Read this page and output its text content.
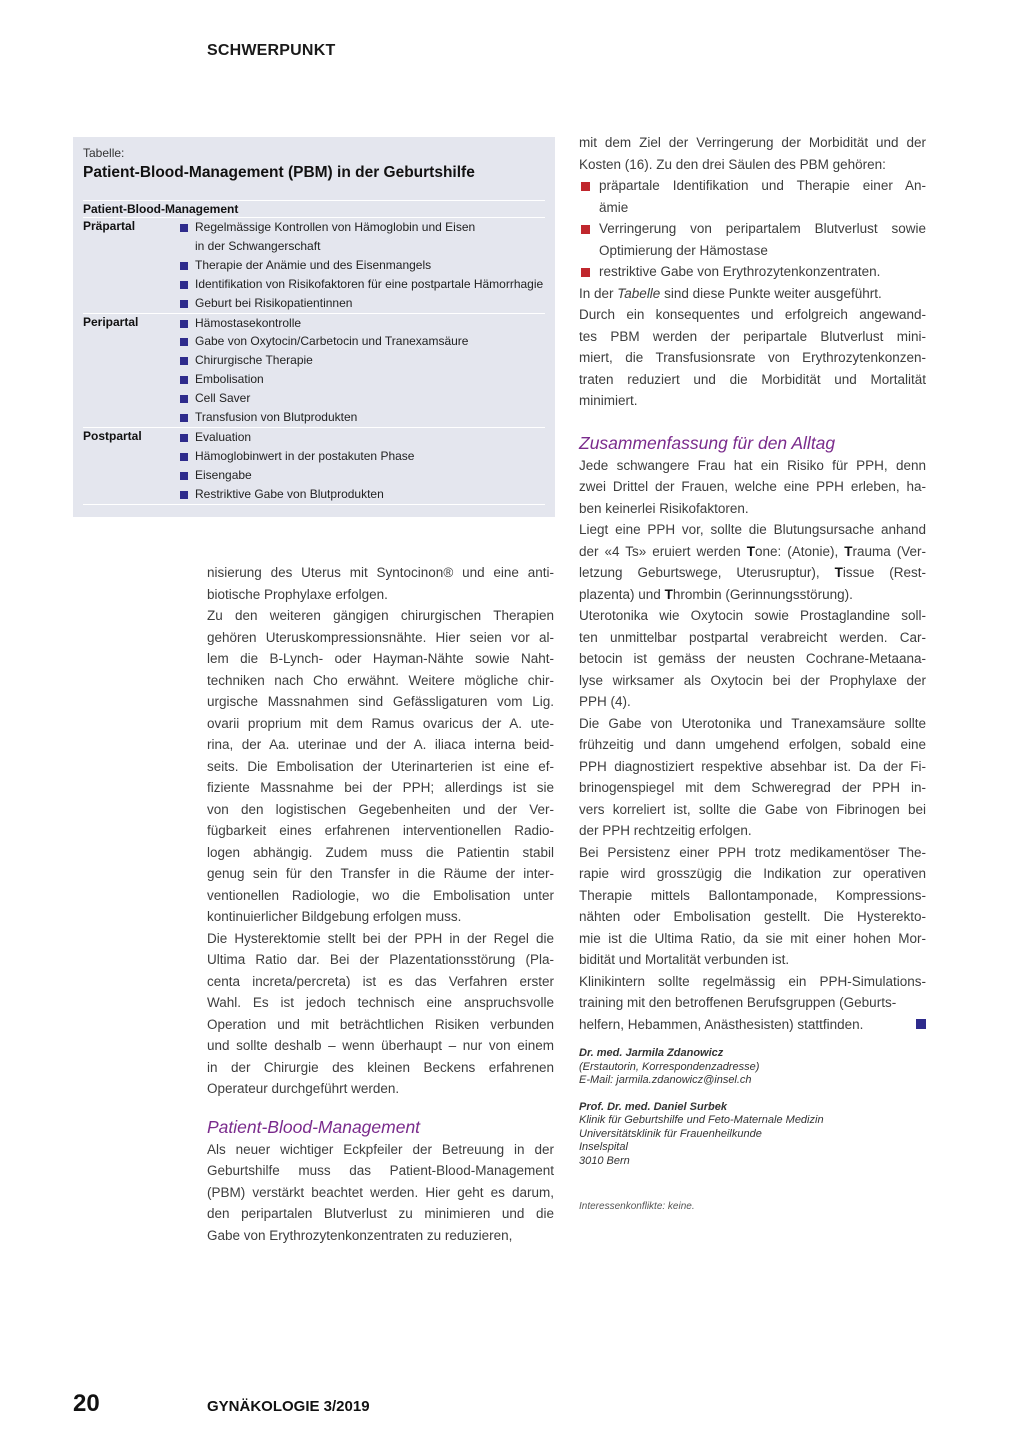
SCHWERPUNKT
Tabelle:
Patient-Blood-Management (PBM) in der Geburtshilfe
Patient-Blood-Management
Präpartal	Regelmässige Kontrollen von Hämoglobin und Eisen in der Schwangerschaft
Therapie der Anämie und des Eisenmangels
Identifikation von Risikofaktoren für eine postpartale Hämorrhagie
Geburt bei Risikopatientinnen
Peripartal	Hämostasekontrolle
Gabe von Oxytocin/Carbetocin und Tranexamsäure
Chirurgische Therapie
Embolisation
Cell Saver
Transfusion von Blutprodukten
Postpartal	Evaluation
Hämoglobinwert in der postakuten Phase
Eisengabe
Restriktive Gabe von Blutprodukten

nisierung des Uterus mit Syntocinon® und eine anti-

biotische Prophylaxe erfolgen.

Zu den weiteren gängigen chirurgischen Therapien

gehören Uteruskompressionsnähte. Hier seien vor al-

lem die B-Lynch- oder Hayman-Nähte sowie Naht-

techniken nach Cho erwähnt. Weitere mögliche chir-

urgische Massnahmen sind Gefässligaturen vom Lig.

ovarii proprium mit dem Ramus ovaricus der A. ute-

rina, der Aa. uterinae und der A. iliaca interna beid-

seits. Die Embolisation der Uterinarterien ist eine ef-

fiziente Massnahme bei der PPH; allerdings ist sie

von den logistischen Gegebenheiten und der Ver-

fügbarkeit eines erfahrenen interventionellen Radio-

logen abhängig. Zudem muss die Patientin stabil

genug sein für den Transfer in die Räume der inter-

ventionellen Radiologie, wo die Embolisation unter

kontinuierlicher Bildgebung erfolgen muss.

Die Hysterektomie stellt bei der PPH in der Regel die

Ultima Ratio dar. Bei der Plazentationsstörung (Pla-

centa increta/percreta) ist es das Verfahren erster

Wahl. Es ist jedoch technisch eine anspruchsvolle

Operation und mit beträchtlichen Risiken verbunden

und sollte deshalb – wenn überhaupt – nur von einem

in der Chirurgie des kleinen Beckens erfahrenen

Operateur durchgeführt werden.

Patient-Blood-Management

Als neuer wichtiger Eckpfeiler der Betreuung in der

Geburtshilfe muss das Patient-Blood-Management

(PBM) verstärkt beachtet werden. Hier geht es darum,

den peripartalen Blutverlust zu minimieren und die

Gabe von Erythrozytenkonzentraten zu reduzieren,

mit dem Ziel der Verringerung der Morbidität und der

Kosten (16). Zu den drei Säulen des PBM gehören:

präpartale Identifikation und Therapie einer An-

ämie

Verringerung von peripartalem Blutverlust sowie

Optimierung der Hämostase

restriktive Gabe von Erythrozytenkonzentraten.

In der Tabelle sind diese Punkte weiter ausgeführt.

Durch ein konsequentes und erfolgreich angewand-

tes PBM werden der peripartale Blutverlust mini-

miert, die Transfusionsrate von Erythrozytenkonzen-

traten reduziert und die Morbidität und Mortalität

minimiert.

Zusammenfassung für den Alltag

Jede schwangere Frau hat ein Risiko für PPH, denn

zwei Drittel der Frauen, welche eine PPH erleben, ha-

ben keinerlei Risikofaktoren.

Liegt eine PPH vor, sollte die Blutungsursache anhand

der «4 Ts» eruiert werden Tone: (Atonie), Trauma (Ver-

letzung Geburtswege, Uterusruptur), Tissue (Rest-

plazenta) und Thrombin (Gerinnungsstörung).

Uterotonika wie Oxytocin sowie Prostaglandine soll-

ten unmittelbar postpartal verabreicht werden. Car-

betocin ist gemäss der neusten Cochrane-Metaana-

lyse wirksamer als Oxytocin bei der Prophylaxe der

PPH (4).

Die Gabe von Uterotonika und Tranexamsäure sollte

frühzeitig und dann umgehend erfolgen, sobald eine

PPH diagnostiziert respektive absehbar ist. Da der Fi-

brinogenspiegel mit dem Schweregrad der PPH in-

vers korreliert ist, sollte die Gabe von Fibrinogen bei

der PPH rechtzeitig erfolgen.

Bei Persistenz einer PPH trotz medikamentöser The-

rapie wird grosszügig die Indikation zur operativen

Therapie mittels Ballontamponade, Kompressions-

nähten oder Embolisation gestellt. Die Hysterekto-

mie ist die Ultima Ratio, da sie mit einer hohen Mor-

bidität und Mortalität verbunden ist.

Klinikintern sollte regelmässig ein PPH-Simulations-

training mit den betroffenen Berufsgruppen (Geburts-

helfern, Hebammen, Anästhesisten) stattfinden.

Dr. med. Jarmila Zdanowicz
(Erstautorin, Korrespondenzadresse)
E-Mail: jarmila.zdanowicz@insel.ch
Prof. Dr. med. Daniel Surbek
Klinik für Geburtshilfe und Feto-Maternale Medizin
Universitätsklinik für Frauenheilkunde
Inselspital
3010 Bern
Interessenkonflikte: keine.
20	GYNÄKOLOGIE 3/2019
